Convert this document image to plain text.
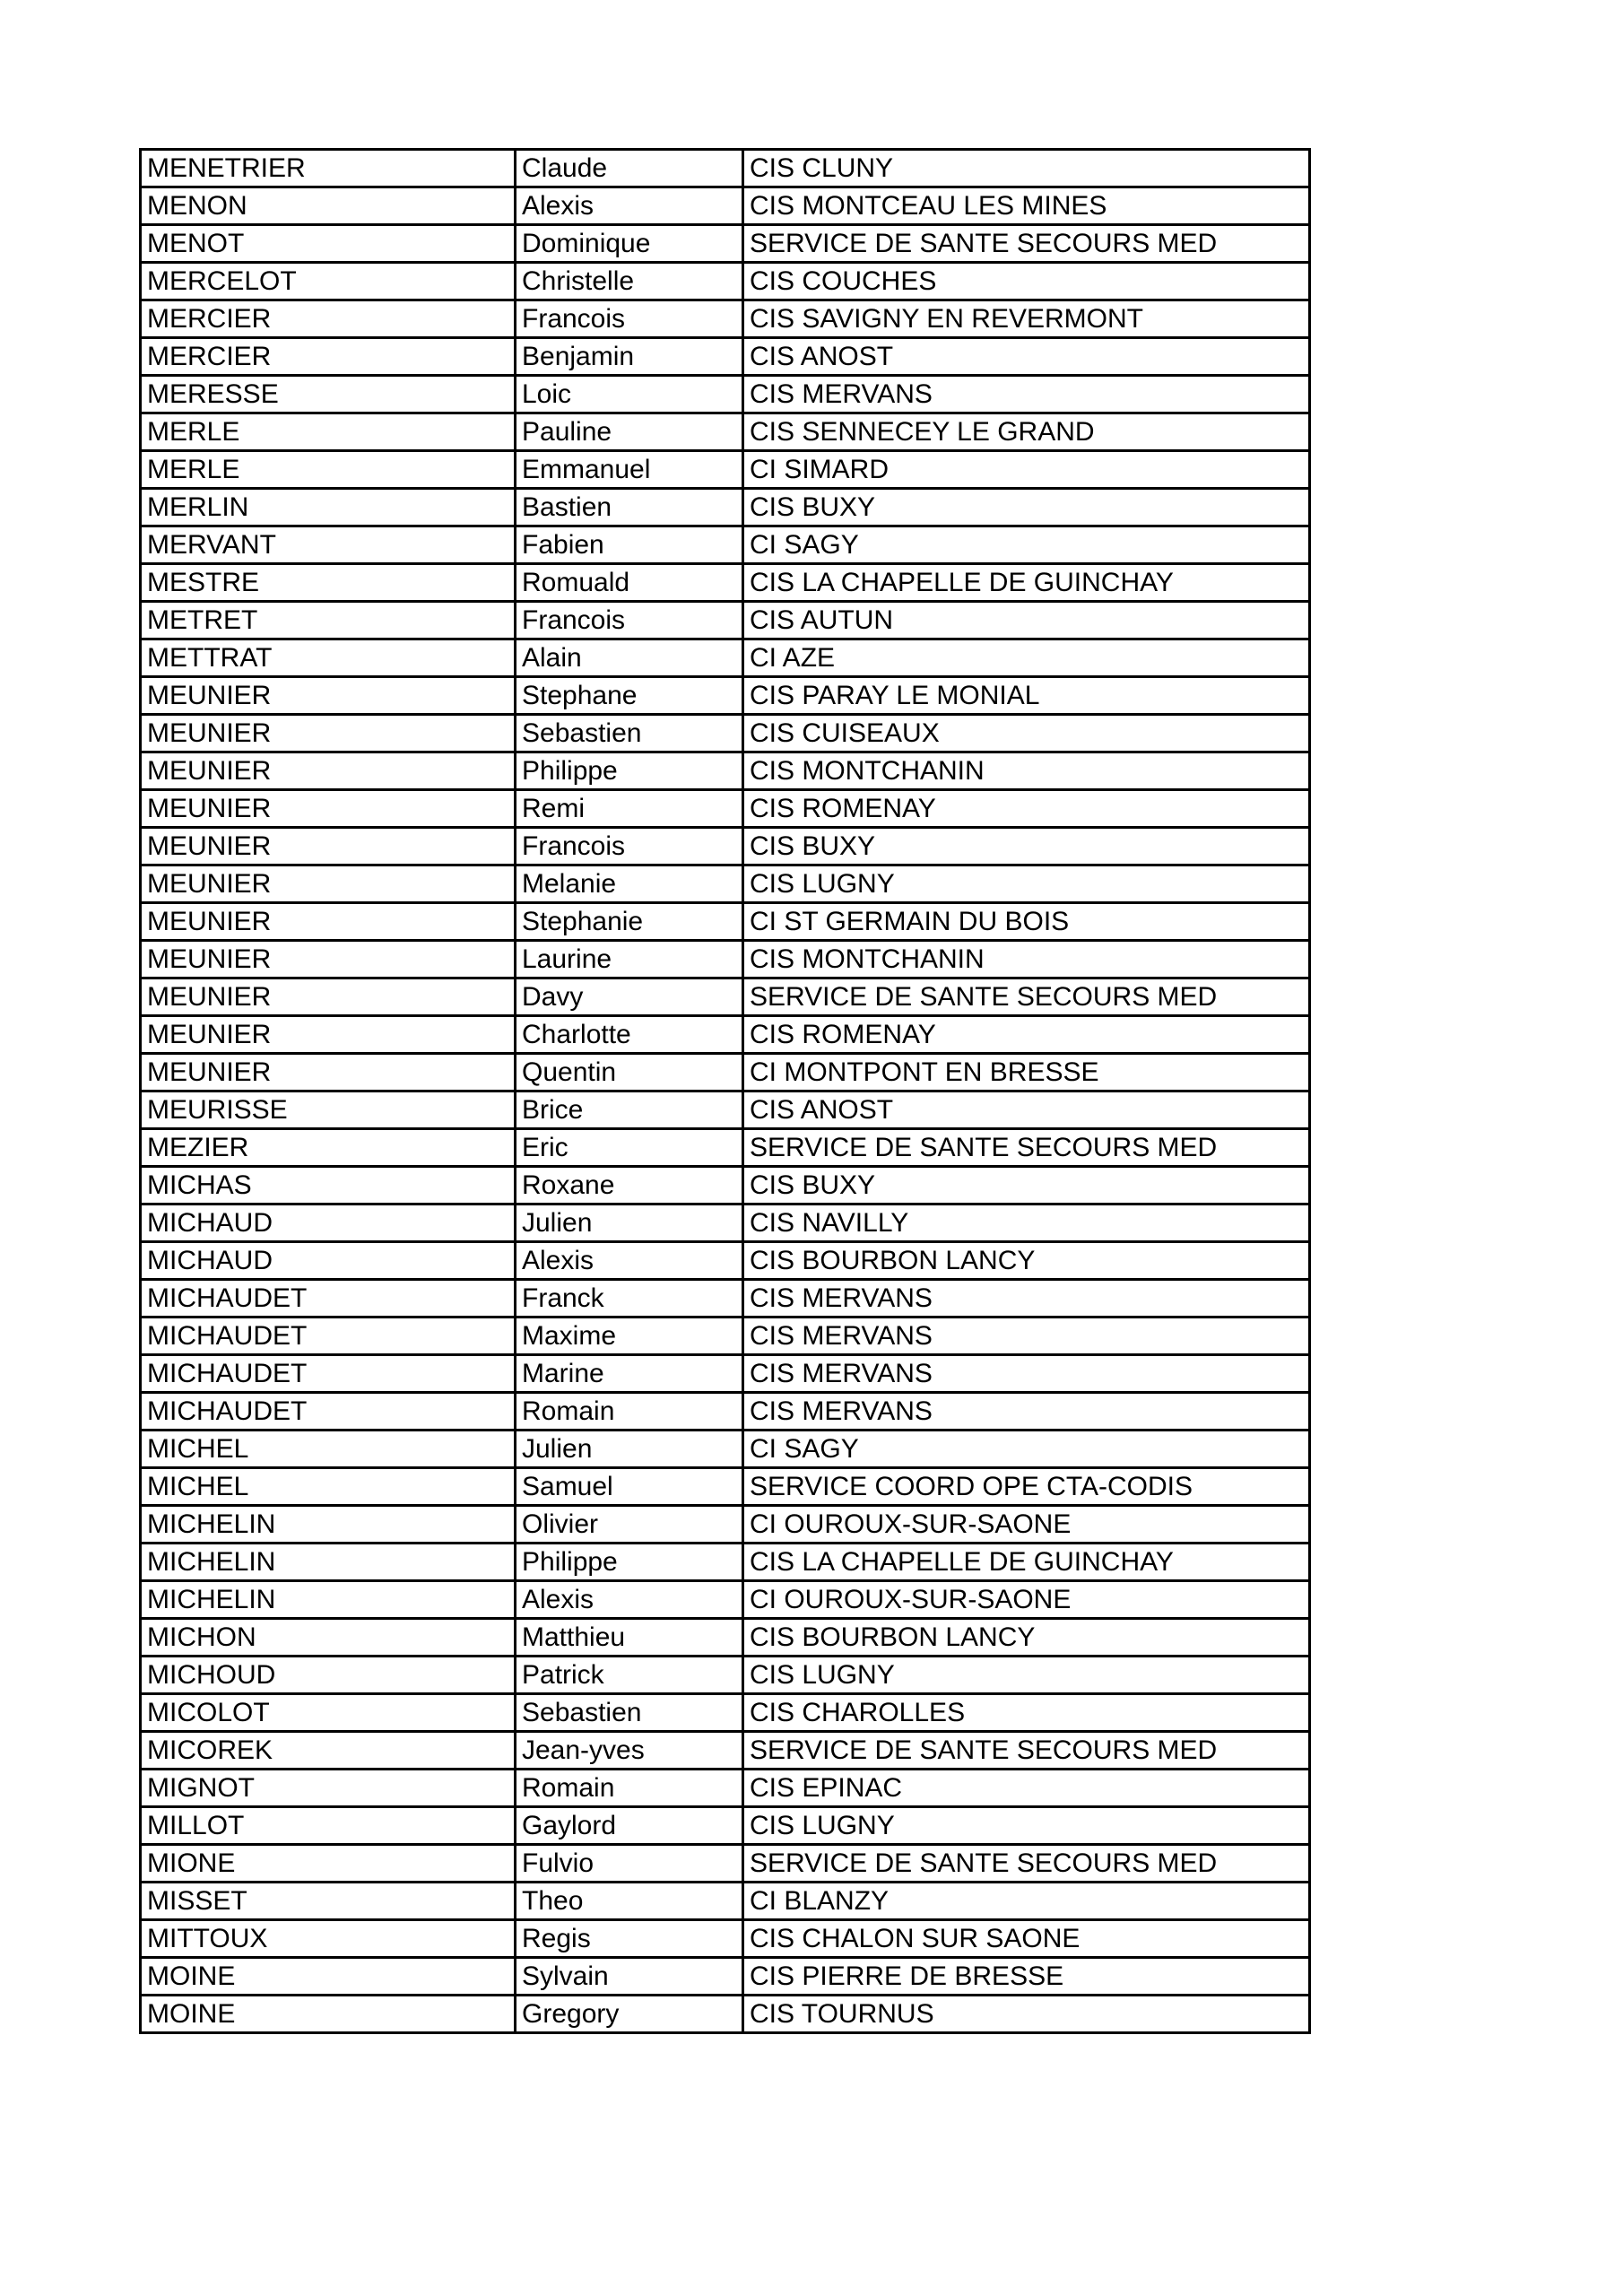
MENETRIER	Claude	CIS CLUNY
MENON	Alexis	CIS MONTCEAU LES MINES
MENOT	Dominique	SERVICE DE SANTE SECOURS MED
MERCELOT	Christelle	CIS COUCHES
MERCIER	Francois	CIS SAVIGNY EN REVERMONT
MERCIER	Benjamin	CIS ANOST
MERESSE	Loic	CIS MERVANS
MERLE	Pauline	CIS SENNECEY LE GRAND
MERLE	Emmanuel	CI SIMARD
MERLIN	Bastien	CIS BUXY
MERVANT	Fabien	CI SAGY
MESTRE	Romuald	CIS LA CHAPELLE DE GUINCHAY
METRET	Francois	CIS AUTUN
METTRAT	Alain	CI AZE
MEUNIER	Stephane	CIS PARAY LE MONIAL
MEUNIER	Sebastien	CIS CUISEAUX
MEUNIER	Philippe	CIS MONTCHANIN
MEUNIER	Remi	CIS ROMENAY
MEUNIER	Francois	CIS BUXY
MEUNIER	Melanie	CIS LUGNY
MEUNIER	Stephanie	CI ST GERMAIN DU BOIS
MEUNIER	Laurine	CIS MONTCHANIN
MEUNIER	Davy	SERVICE DE SANTE SECOURS MED
MEUNIER	Charlotte	CIS ROMENAY
MEUNIER	Quentin	CI MONTPONT EN BRESSE
MEURISSE	Brice	CIS ANOST
MEZIER	Eric	SERVICE DE SANTE SECOURS MED
MICHAS	Roxane	CIS BUXY
MICHAUD	Julien	CIS NAVILLY
MICHAUD	Alexis	CIS BOURBON LANCY
MICHAUDET	Franck	CIS MERVANS
MICHAUDET	Maxime	CIS MERVANS
MICHAUDET	Marine	CIS MERVANS
MICHAUDET	Romain	CIS MERVANS
MICHEL	Julien	CI SAGY
MICHEL	Samuel	SERVICE COORD OPE CTA-CODIS
MICHELIN	Olivier	CI OUROUX-SUR-SAONE
MICHELIN	Philippe	CIS LA CHAPELLE DE GUINCHAY
MICHELIN	Alexis	CI OUROUX-SUR-SAONE
MICHON	Matthieu	CIS BOURBON LANCY
MICHOUD	Patrick	CIS LUGNY
MICOLOT	Sebastien	CIS CHAROLLES
MICOREK	Jean-yves	SERVICE DE SANTE SECOURS MED
MIGNOT	Romain	CIS EPINAC
MILLOT	Gaylord	CIS LUGNY
MIONE	Fulvio	SERVICE DE SANTE SECOURS MED
MISSET	Theo	CI BLANZY
MITTOUX	Regis	CIS CHALON SUR SAONE
MOINE	Sylvain	CIS PIERRE DE BRESSE
MOINE	Gregory	CIS TOURNUS
